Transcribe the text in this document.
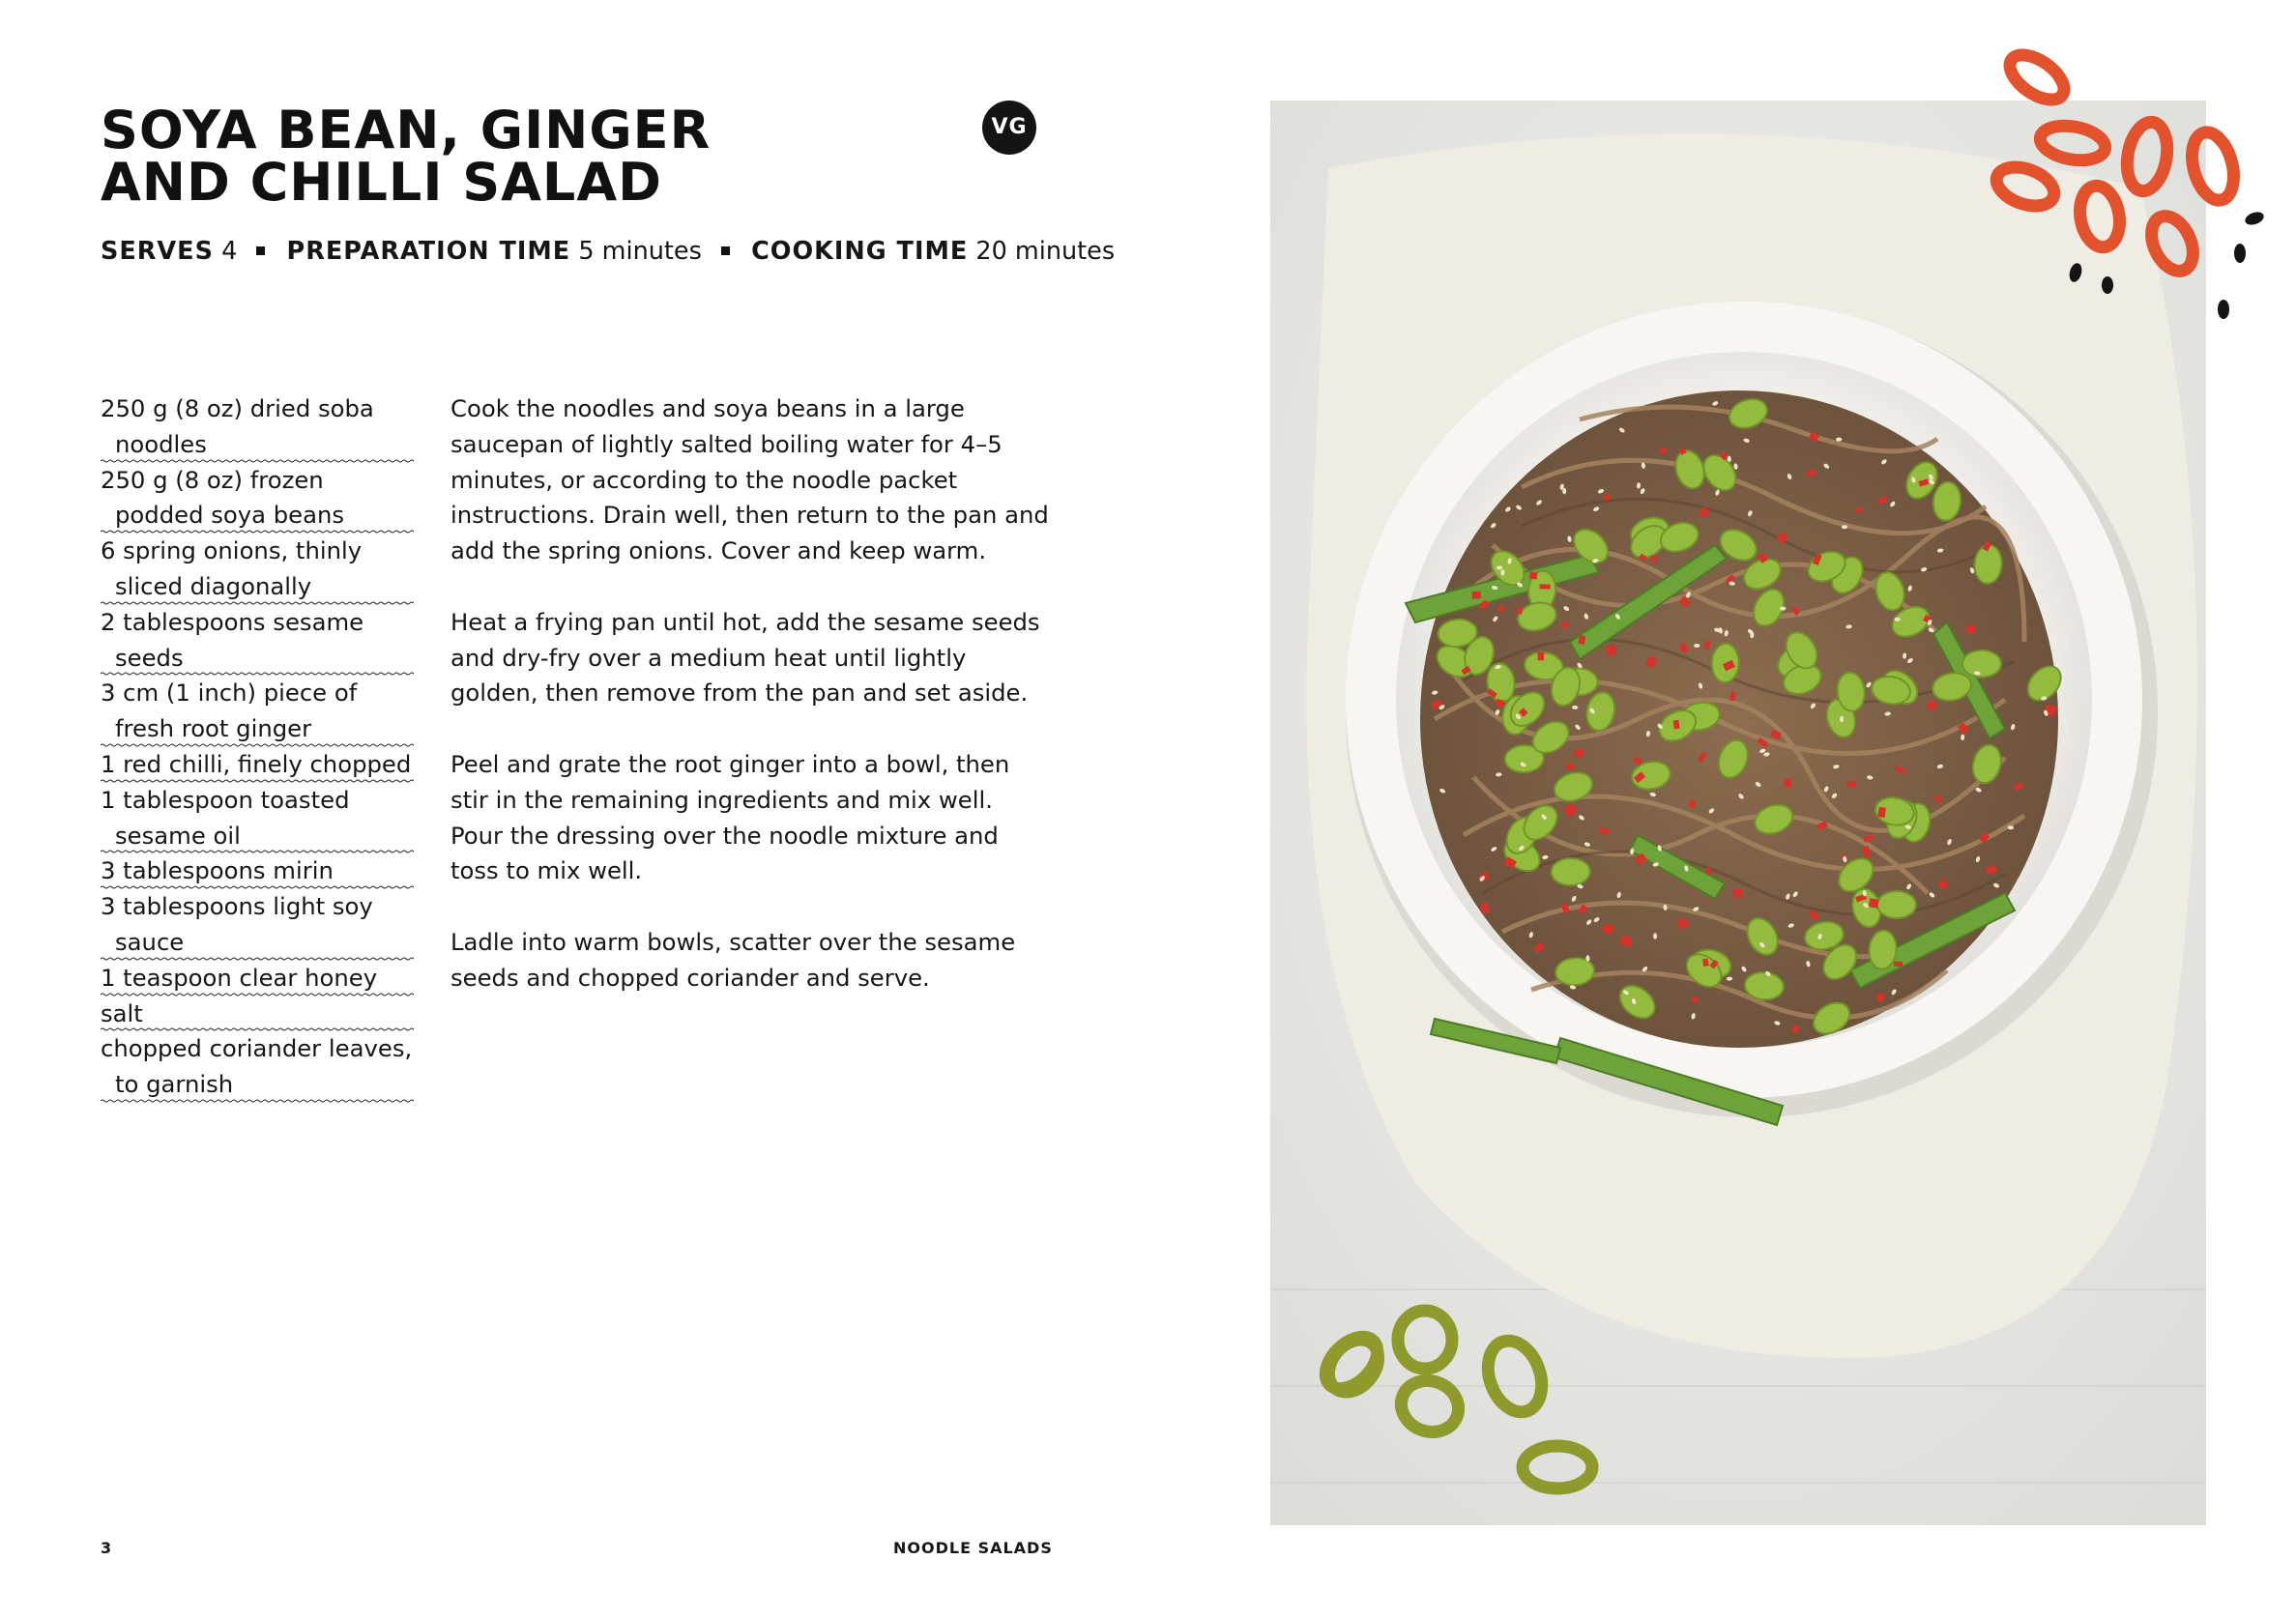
SOYA BEAN, GINGER
AND CHILLI SALAD
VG
SERVES 4 PREPARATION TIME 5 minutes COOKING TIME 20 minutes
250 g (8 oz) dried soba noodles
250 g (8 oz) frozen podded soya beans
6 spring onions, thinly sliced diagonally
2 tablespoons sesame seeds
3 cm (1 inch) piece of fresh root ginger
1 red chilli, finely chopped
1 tablespoon toasted sesame oil
3 tablespoons mirin
3 tablespoons light soy sauce
1 teaspoon clear honey
salt
chopped coriander leaves, to garnish

Cook the noodles and soya beans in a large saucepan of lightly salted boiling water for 4–5 minutes, or according to the noodle packet instructions. Drain well, then return to the pan and add the spring onions. Cover and keep warm.

Heat a frying pan until hot, add the sesame seeds and dry-fry over a medium heat until lightly golden, then remove from the pan and set aside.

Peel and grate the root ginger into a bowl, then stir in the remaining ingredients and mix well. Pour the dressing over the noodle mixture and toss to mix well.

Ladle into warm bowls, scatter over the sesame seeds and chopped coriander and serve.

3	NOODLE SALADS
